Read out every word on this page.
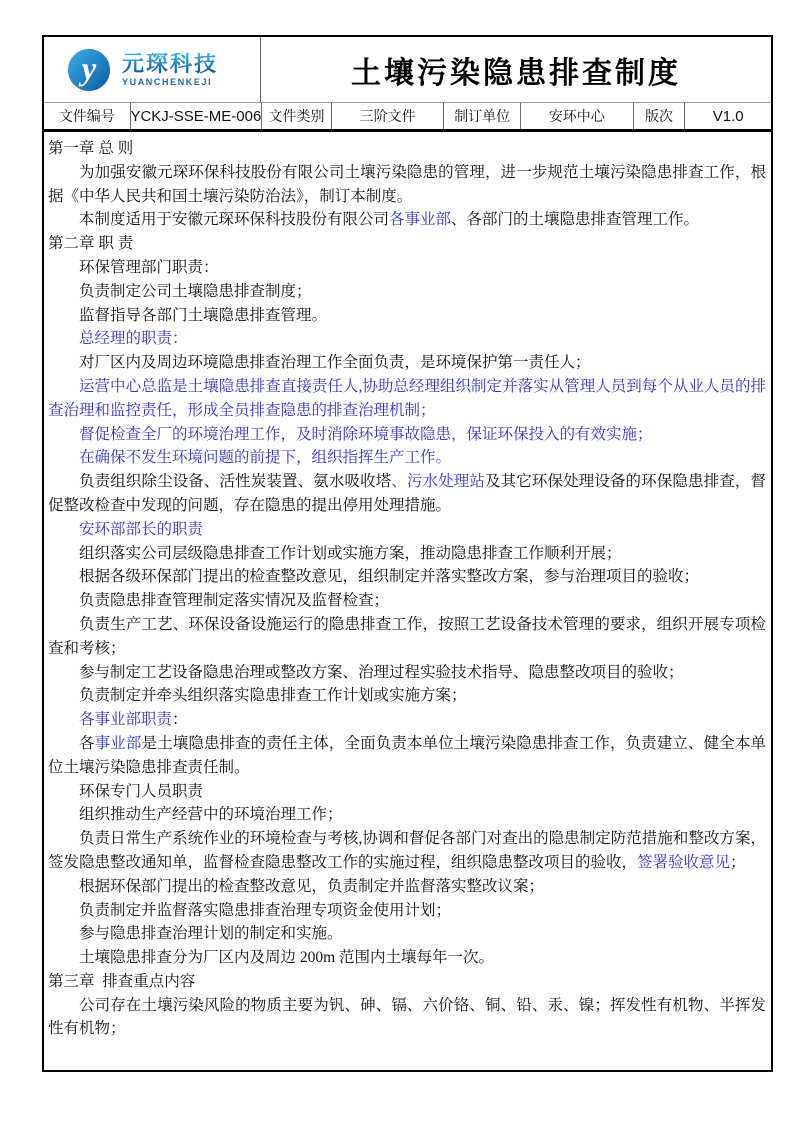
y 元琛科技
YUANCHENKEJI	土壤污染隐患排查制度
文件编号	YCKJ-SSE-ME-006 文件类别	三阶文件	制订单位	安环中心	版次	V1.0
第一章 总 则
为加强安徽元琛环保科技股份有限公司土壤污染隐患的管理，进一步规范土壤污染隐患排查工作，根据《中华人民共和国土壤污染防治法》，制订本制度。
本制度适用于安徽元琛环保科技股份有限公司各事业部、各部门的土壤隐患排查管理工作。
第二章 职 责
环保管理部门职责：
负责制定公司土壤隐患排查制度；
监督指导各部门土壤隐患排查管理。
总经理的职责：
对厂区内及周边环境隐患排查治理工作全面负责，是环境保护第一责任人；
运营中心总监是土壤隐患排查直接责任人,协助总经理组织制定并落实从管理人员到每个从业人员的排查治理和监控责任，形成全员排查隐患的排查治理机制；
督促检查全厂的环境治理工作，及时消除环境事故隐患，保证环保投入的有效实施；
在确保不发生环境问题的前提下，组织指挥生产工作。
负责组织除尘设备、活性炭装置、氨水吸收塔、污水处理站及其它环保处理设备的环保隐患排查，督促整改检查中发现的问题，存在隐患的提出停用处理措施。
安环部部长的职责
组织落实公司层级隐患排查工作计划或实施方案，推动隐患排查工作顺利开展；
根据各级环保部门提出的检查整改意见，组织制定并落实整改方案，参与治理项目的验收；
负责隐患排查管理制定落实情况及监督检查；
负责生产工艺、环保设备设施运行的隐患排查工作，按照工艺设备技术管理的要求，组织开展专项检查和考核；
参与制定工艺设备隐患治理或整改方案、治理过程实验技术指导、隐患整改项目的验收；
负责制定并牵头组织落实隐患排查工作计划或实施方案；
各事业部职责：
各事业部是土壤隐患排查的责任主体，全面负责本单位土壤污染隐患排查工作，负责建立、健全本单位土壤污染隐患排查责任制。
环保专门人员职责
组织推动生产经营中的环境治理工作；
负责日常生产系统作业的环境检查与考核,协调和督促各部门对查出的隐患制定防范措施和整改方案，签发隐患整改通知单，监督检查隐患整改工作的实施过程，组织隐患整改项目的验收，签署验收意见；
根据环保部门提出的检查整改意见，负责制定并监督落实整改议案；
负责制定并监督落实隐患排查治理专项资金使用计划；
参与隐患排查治理计划的制定和实施。
土壤隐患排查分为厂区内及周边 200m 范围内土壤每年一次。
第三章  排查重点内容
公司存在土壤污染风险的物质主要为钒、砷、镉、六价铬、铜、铅、汞、镍；挥发性有机物、半挥发性有机物；
